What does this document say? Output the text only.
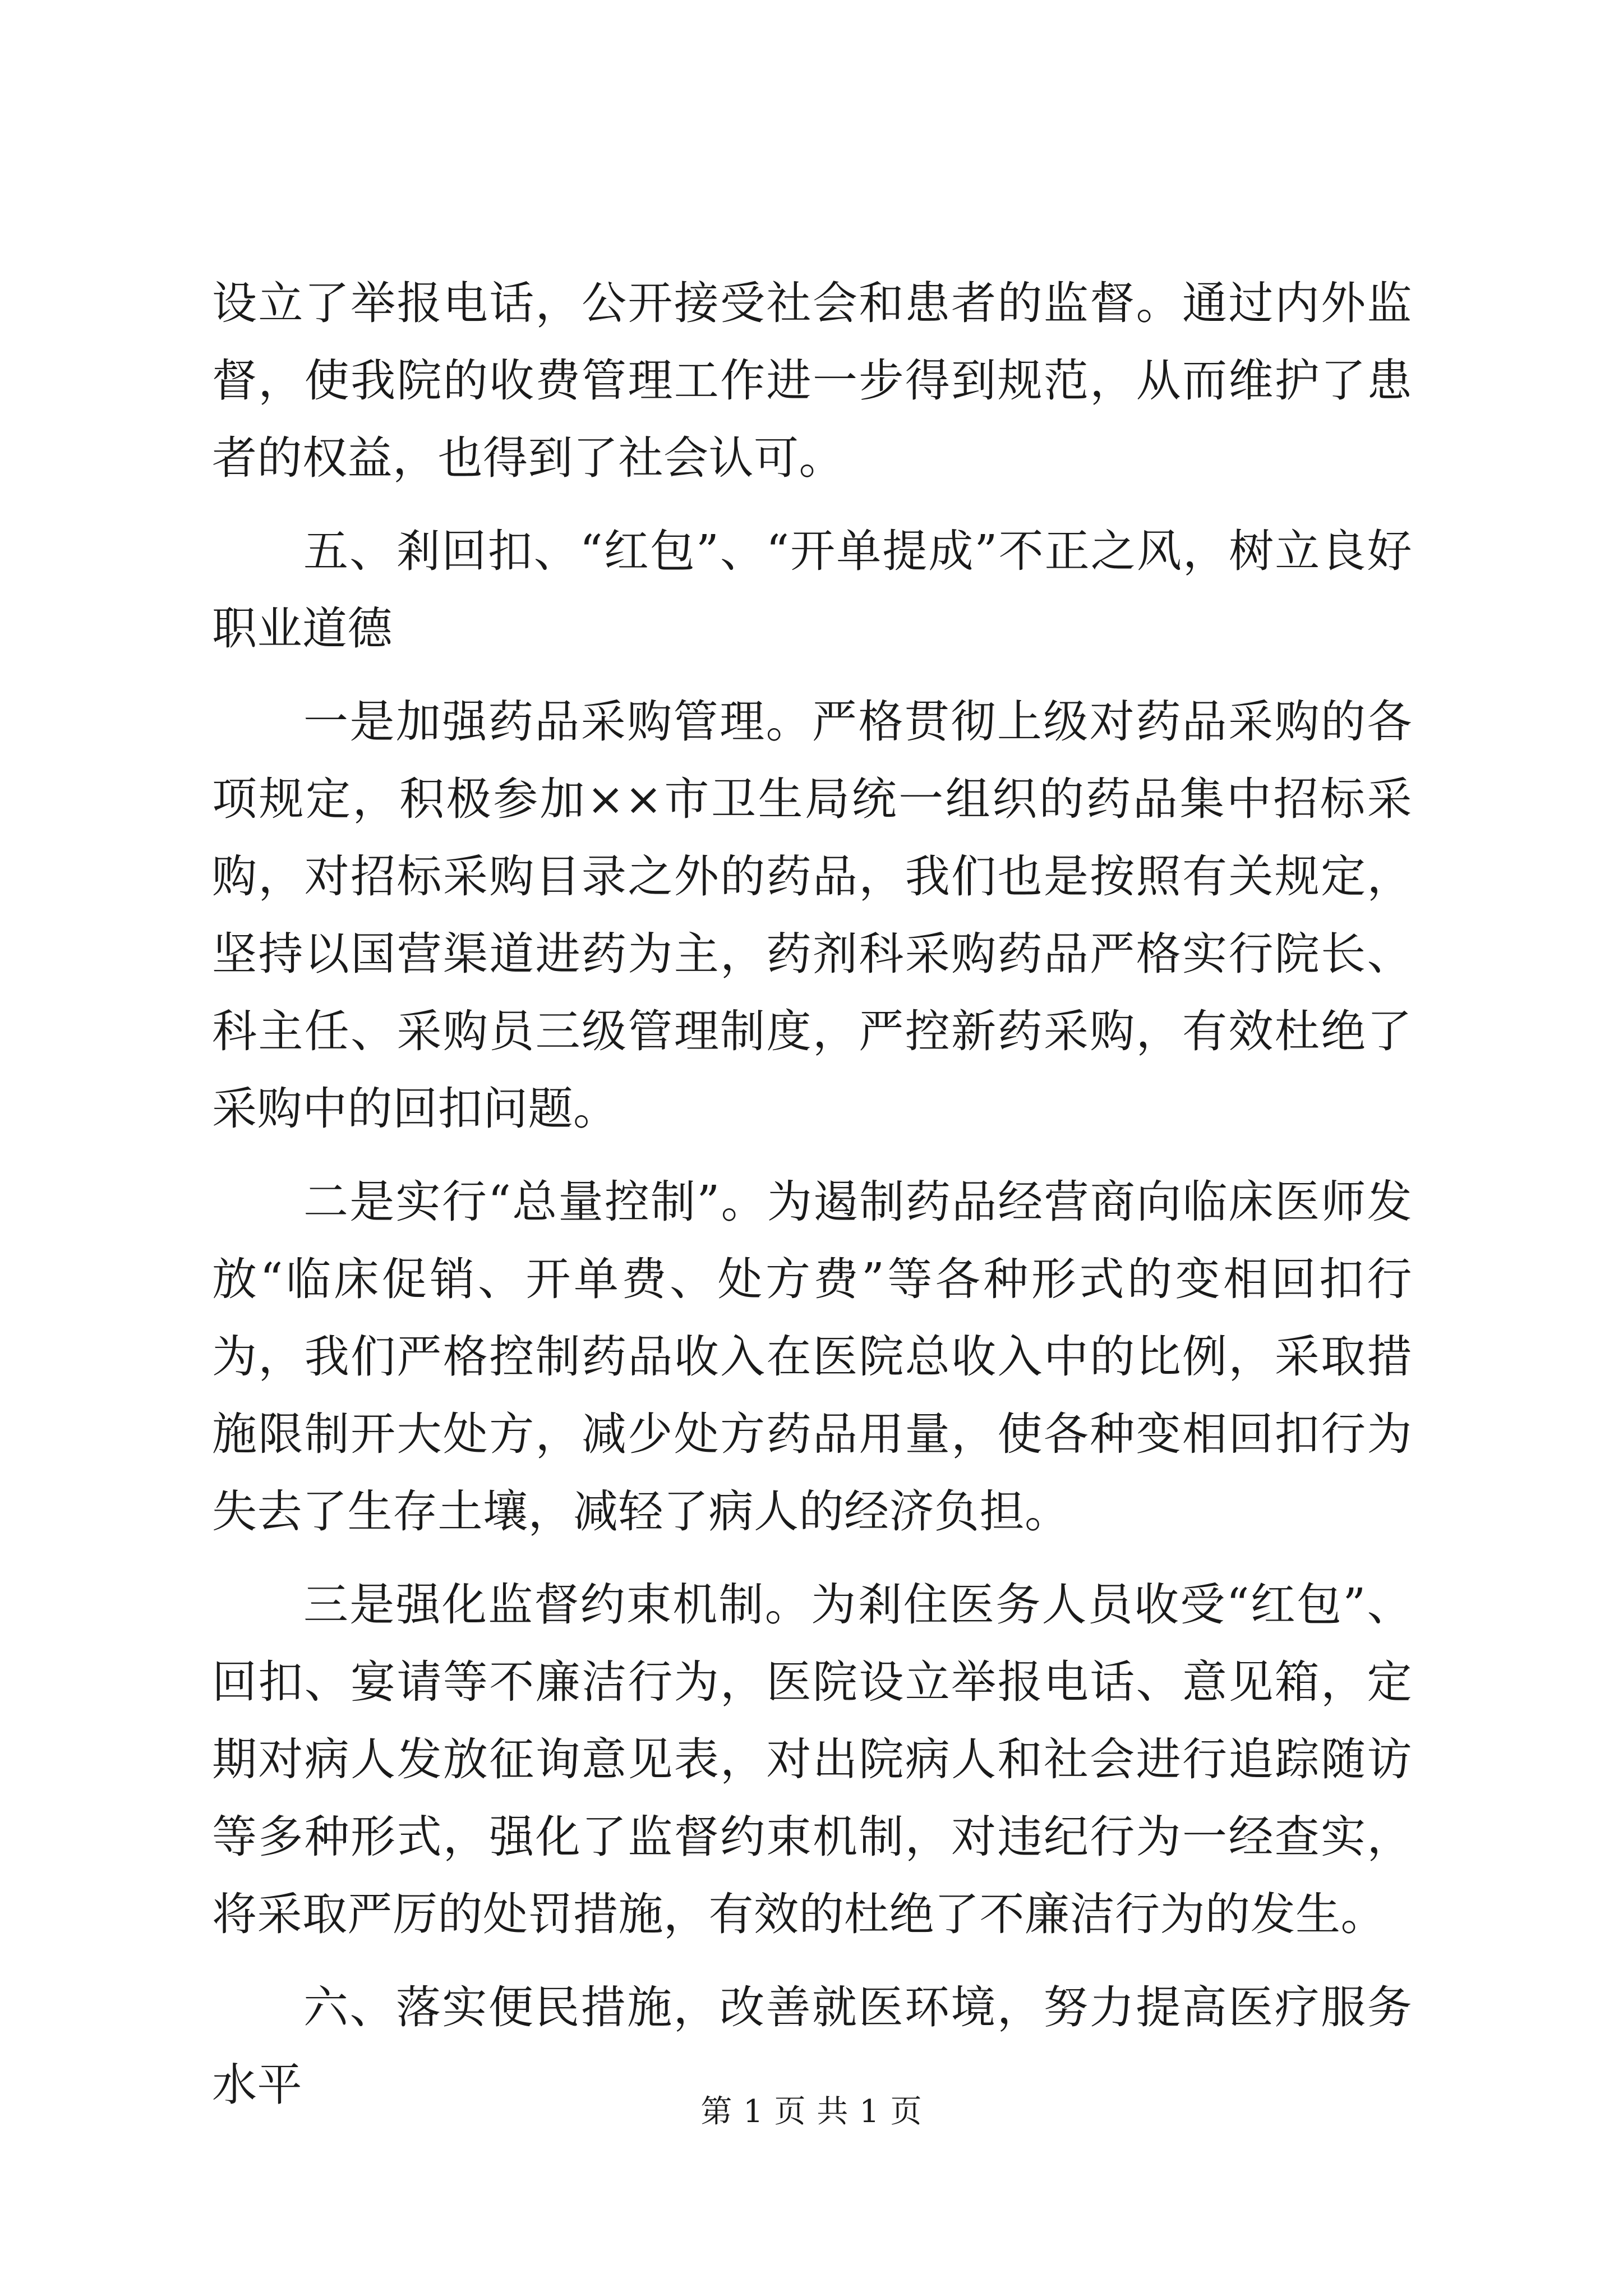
设立了举报电话，公开接受社会和患者的监督。通过内外监督，使我院的收费管理工作进一步得到规范，从而维护了患者的权益，也得到了社会认可。

五、剎回扣、“红包”、“开单提成”不正之风，树立良好职业道德

一是加强药品采购管理。严格贯彻上级对药品采购的各项规定，积极参加××市卫生局统一组织的药品集中招标采购，对招标采购目录之外的药品，我们也是按照有关规定，坚持以国营渠道进药为主，药剂科采购药品严格实行院长、科主任、采购员三级管理制度，严控新药采购，有效杜绝了采购中的回扣问题。

二是实行“总量控制”。为遏制药品经营商向临床医师发放“临床促销、开单费、处方费”等各种形式的变相回扣行为，我们严格控制药品收入在医院总收入中的比例，采取措施限制开大处方，减少处方药品用量，使各种变相回扣行为失去了生存土壤，减轻了病人的经济负担。

三是强化监督约束机制。为剎住医务人员收受“红包”、回扣、宴请等不廉洁行为，医院设立举报电话、意见箱，定期对病人发放征询意见表，对出院病人和社会进行追踪随访等多种形式，强化了监督约束机制，对违纪行为一经查实，将采取严厉的处罚措施，有效的杜绝了不廉洁行为的发生。

六、落实便民措施，改善就医环境，努力提高医疗服务水平

第 1 页 共 1 页
